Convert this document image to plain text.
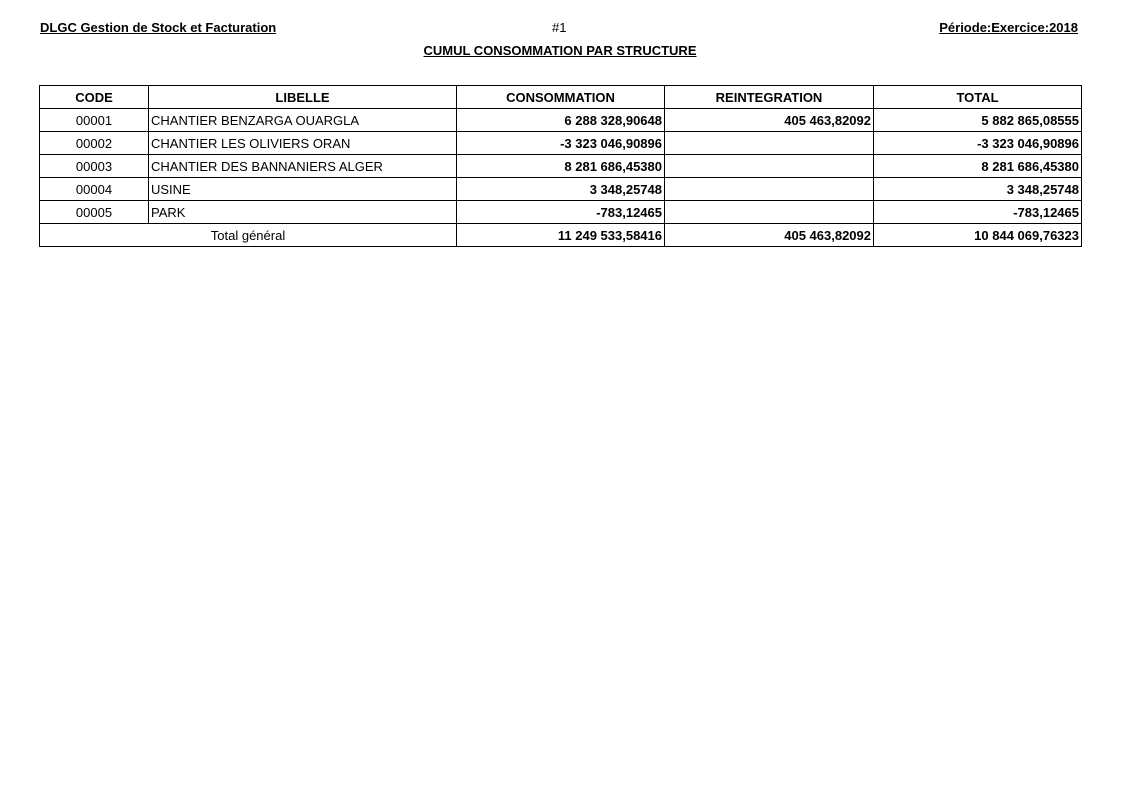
DLGC Gestion de Stock et Facturation	#1	Période:Exercice:2018
CUMUL CONSOMMATION PAR STRUCTURE
CODE	LIBELLE	CONSOMMATION	REINTEGRATION	TOTAL
00001	CHANTIER BENZARGA OUARGLA	6 288 328,90648	405 463,82092	5 882 865,08555
00002	CHANTIER LES OLIVIERS ORAN	-3 323 046,90896		-3 323 046,90896
00003	CHANTIER DES BANNANIERS ALGER	8 281 686,45380		8 281 686,45380
00004	USINE	3 348,25748		3 348,25748
00005	PARK	-783,12465		-783,12465
Total général		11 249 533,58416	405 463,82092	10 844 069,76323
